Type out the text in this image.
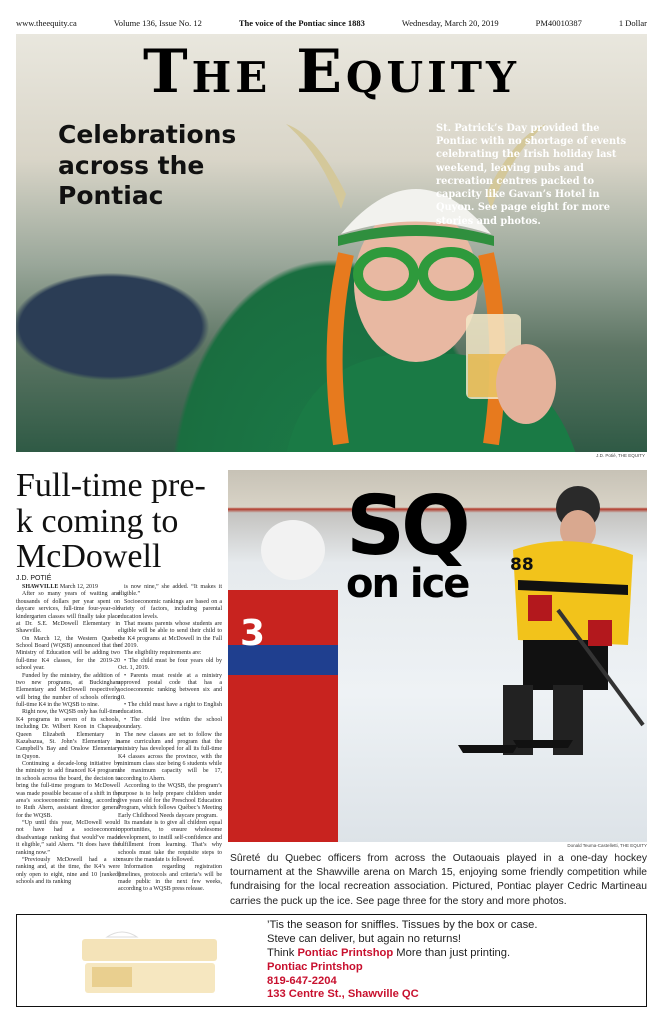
www.theequity.ca	Volume 136, Issue No. 12	The voice of the Pontiac since 1883	Wednesday, March 20, 2019	PM40010387	1 Dollar
The Equity
Celebrations across the Pontiac
St. Patrick’s Day provided the Pontiac with no shortage of events celebrating the Irish holiday last weekend, leaving pubs and recreation centres packed to capacity like Gavan’s Hotel in Quyon. See page eight for more stories and photos.
J.D. Potié, THE EQUITY
Full-time pre-k coming to McDowell
J.D. POTIÉ

SHAWVILLE March 12, 2019

After so many years of waiting and thousands of dollars per year spent on daycare services, full-time four-year-old kindergarten classes will finally take place at Dr. S.E. McDowell Elementary in Shawville.

On March 12, the Western Quebec School Board (WQSB) announced that the Ministry of Education will be adding two full-time K4 classes, for the 2019-20 school year.

Funded by the ministry, the addition of two new programs, at Buckingham Elementary and McDowell respectively, will bring the number of schools offering full-time K4 in the WQSB to nine.

Right now, the WQSB only has full-time K4 programs in seven of its schools, including Dr. Wilbert Keon in Chapeau, Queen Elizabeth Elementary in Kazabazua, St. John’s Elementary in Campbell’s Bay and Onslow Elementary in Quyon.

Continuing a decade-long initiative by the ministry to add financed K4 programs in schools across the board, the decision to bring the full-time program to McDowell was made possible because of a shift in the area’s socioeconomic ranking, according to Ruth Ahern, assistant director general for the WQSB.

“Up until this year, McDowell would not have had a socioeconomic disadvantage ranking that would’ve made it eligible,” said Ahern. “It does have the ranking now.”

“Previously McDowell had a six ranking and, at the time, the K4’s were only open to eight, nine and 10 [ranked] schools and its ranking

is now nine,” she added. “It makes it eligible.”

Socioeconomic rankings are based on a variety of factors, including parental education levels.

That means parents whose students are eligible will be able to send their child to the K4 programs at McDowell in the Fall of 2019.

The eligibility requirements are:

• The child must be four years old by Oct. 1, 2019.

• Parents must reside at a ministry approved postal code that has a socioeconomic ranking between six and 10.

• The child must have a right to English education.

• The child live within the school boundary.

The new classes are set to follow the same curriculum and program that the ministry has developed for all its full-time K4 classes across the province, with the minimum class size being 6 students while the maximum capacity will be 17, according to Ahern.

According to the WQSB, the program’s purpose is to help prepare children under five years old for the Preschool Education Program, which follows Québec’s Meeting Early Childhood Needs daycare program.

Its mandate is to give all children equal opportunities, to ensure wholesome development, to instill self-confidence and fulfillment from learning. That’s why schools must take the requisite steps to ensure the mandate is followed.

Information regarding registration timelines, protocols and criteria’s will be made public in the next few weeks, according to a WQSB press release.

3
88
SQ
on ice
Donald Teuma-Castelletti, THE EQUITY
Sûreté du Quebec officers from across the Outaouais played in a one-day hockey tournament at the Shawville arena on March 15, enjoying some friendly competition while fundraising for the local recreation association. Pictured, Pontiac player Cedric Martineau carries the puck up the ice. See page three for the story and more photos.
’Tis the season for sniffles. Tissues by the box or case.
Steve can deliver, but again no returns!
Think Pontiac Printshop More than just printing.
Pontiac Printshop
819-647-2204
133 Centre St., Shawville QC
